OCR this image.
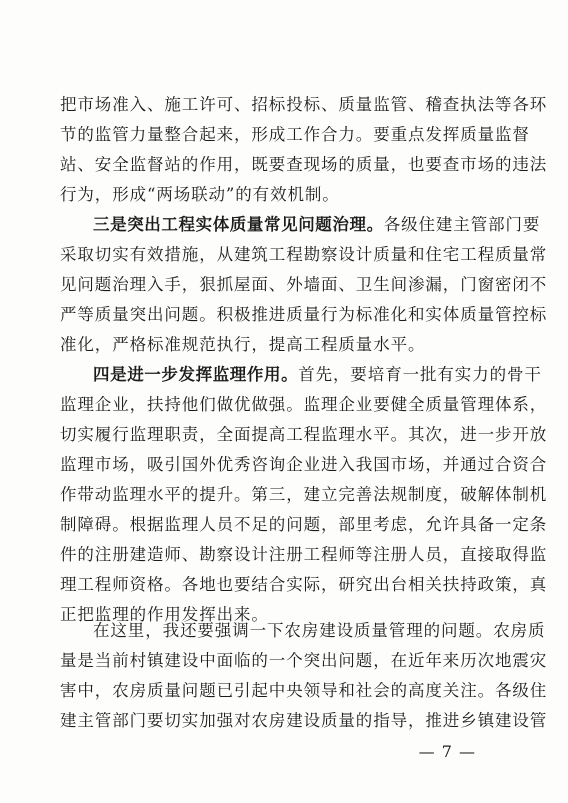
把市场准入、施工许可、招标投标、质量监管、稽查执法等各环
节的监管力量整合起来，形成工作合力。要重点发挥质量监督
站、安全监督站的作用，既要查现场的质量，也要查市场的违法
行为，形成“两场联动”的有效机制。
三是突出工程实体质量常见问题治理。各级住建主管部门要
采取切实有效措施，从建筑工程勘察设计质量和住宅工程质量常
见问题治理入手，狠抓屋面、外墙面、卫生间渗漏，门窗密闭不
严等质量突出问题。积极推进质量行为标准化和实体质量管控标
准化，严格标准规范执行，提高工程质量水平。
四是进一步发挥监理作用。首先，要培育一批有实力的骨干
监理企业，扶持他们做优做强。监理企业要健全质量管理体系，
切实履行监理职责，全面提高工程监理水平。其次，进一步开放
监理市场，吸引国外优秀咨询企业进入我国市场，并通过合资合
作带动监理水平的提升。第三，建立完善法规制度，破解体制机
制障碍。根据监理人员不足的问题，部里考虑，允许具备一定条
件的注册建造师、勘察设计注册工程师等注册人员，直接取得监
理工程师资格。各地也要结合实际，研究出台相关扶持政策，真
正把监理的作用发挥出来。
在这里，我还要强调一下农房建设质量管理的问题。农房质
量是当前村镇建设中面临的一个突出问题，在近年来历次地震灾
害中，农房质量问题已引起中央领导和社会的高度关注。各级住
建主管部门要切实加强对农房建设质量的指导，推进乡镇建设管
— 7 —
